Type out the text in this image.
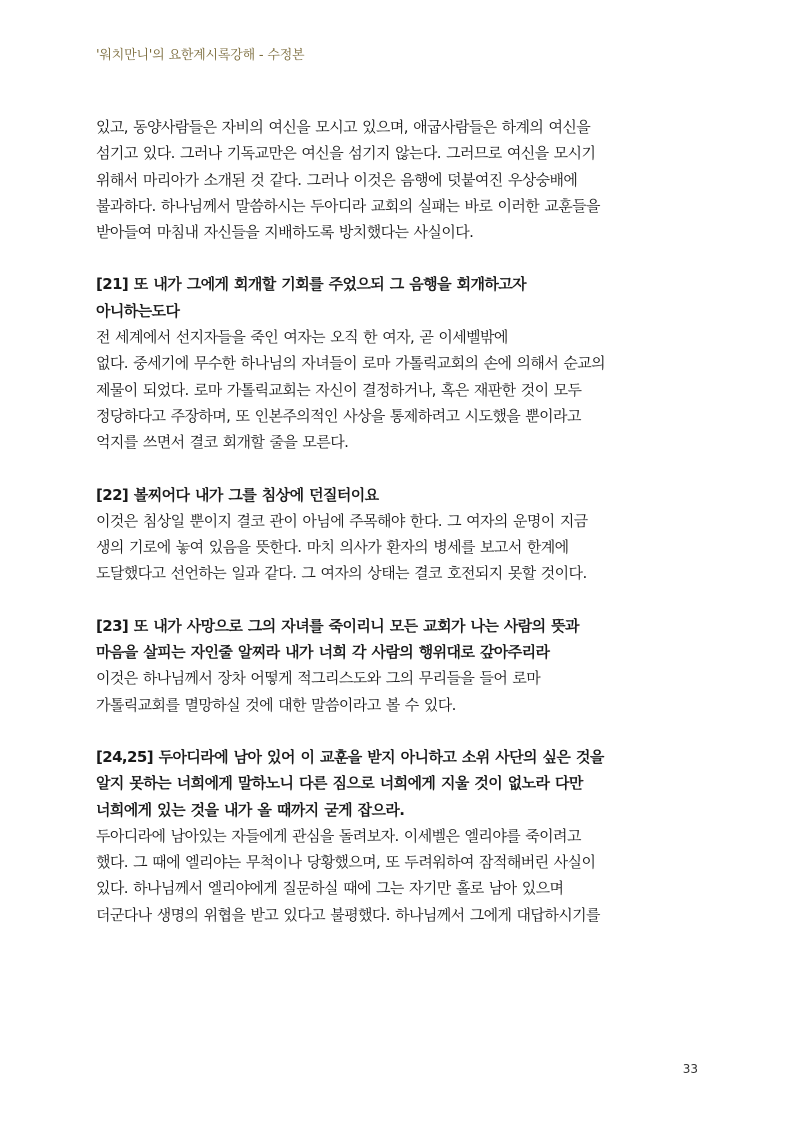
'워치만니'의 요한계시록강해 - 수정본
있고, 동양사람들은 자비의 여신을 모시고 있으며, 애굽사람들은 하계의 여신을
섬기고 있다. 그러나 기독교만은 여신을 섬기지 않는다. 그러므로 여신을 모시기
위해서 마리아가 소개된 것 같다. 그러나 이것은 음행에 덧붙여진 우상숭배에
불과하다. 하나님께서 말씀하시는 두아디라 교회의 실패는 바로 이러한 교훈들을
받아들여 마침내 자신들을 지배하도록 방치했다는 사실이다.
[21] 또 내가 그에게 회개할 기회를 주었으되 그 음행을 회개하고자
아니하는도다
전 세계에서 선지자들을 죽인 여자는 오직 한 여자, 곧 이세벨밖에
없다. 중세기에 무수한 하나님의 자녀들이 로마 가톨릭교회의 손에 의해서 순교의
제물이 되었다. 로마 가톨릭교회는 자신이 결정하거나, 혹은 재판한 것이 모두
정당하다고 주장하며, 또 인본주의적인 사상을 통제하려고 시도했을 뿐이라고
억지를 쓰면서 결코 회개할 줄을 모른다.
[22] 볼찌어다 내가 그를 침상에 던질터이요
이것은 침상일 뿐이지 결코 관이 아님에 주목해야 한다. 그 여자의 운명이 지금
생의 기로에 놓여 있음을 뜻한다. 마치 의사가 환자의 병세를 보고서 한계에
도달했다고 선언하는 일과 같다. 그 여자의 상태는 결코 호전되지 못할 것이다.
[23] 또 내가 사망으로 그의 자녀를 죽이리니 모든 교회가 나는 사람의 뜻과
마음을 살피는 자인줄 알찌라 내가 너희 각 사람의 행위대로 갚아주리라
이것은 하나님께서 장차 어떻게 적그리스도와 그의 무리들을 들어 로마
가톨릭교회를 멸망하실 것에 대한 말씀이라고 볼 수 있다.
[24,25] 두아디라에 남아 있어 이 교훈을 받지 아니하고 소위 사단의 싶은 것을
알지 못하는 너희에게 말하노니 다른 짐으로 너희에게 지울 것이 없노라 다만
너희에게 있는 것을 내가 올 때까지 굳게 잡으라.
두아디라에 남아있는 자들에게 관심을 돌려보자. 이세벨은 엘리야를 죽이려고
했다. 그 때에 엘리야는 무척이나 당황했으며, 또 두려워하여 잠적해버린 사실이
있다. 하나님께서 엘리야에게 질문하실 때에 그는 자기만 홀로 남아 있으며
더군다나 생명의 위협을 받고 있다고 불평했다. 하나님께서 그에게 대답하시기를
33
